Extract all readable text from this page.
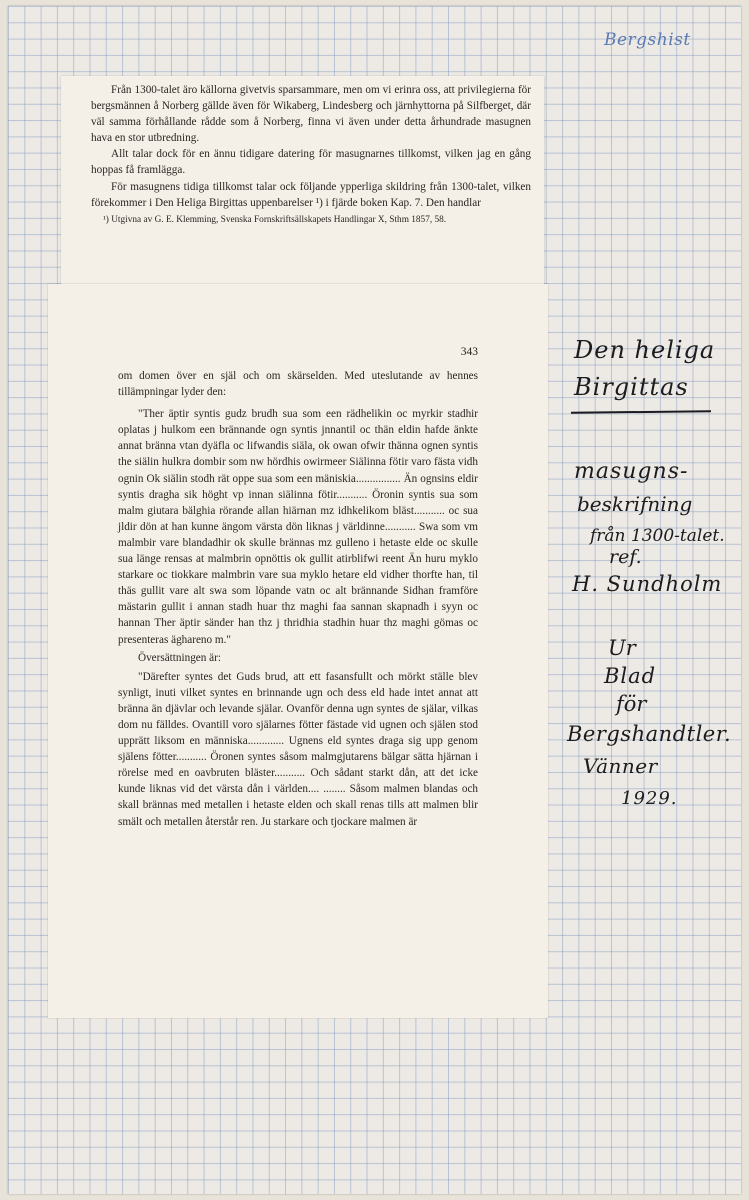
Bergshist

Från 1300-talet äro källorna givetvis sparsammare, men om vi erinra oss, att privilegierna för bergsmännen å Norberg gällde även för Wikaberg, Lindesberg och järnhyttorna på Silfberget, där väl samma förhållande rådde som å Norberg, finna vi även under detta århundrade masugnen hava en stor utbredning.

Allt talar dock för en ännu tidigare datering för masugnarnes tillkomst, vilken jag en gång hoppas få framlägga.

För masugnens tidiga tillkomst talar ock följande ypperliga skildring från 1300-talet, vilken förekommer i Den Heliga Birgittas uppenbarelser ¹) i fjärde boken Kap. 7. Den handlar

¹) Utgivna av G. E. Klemming, Svenska Fornskriftsällskapets Handlingar X, Sthm 1857, 58.

343

om domen över en själ och om skärselden. Med uteslutande av hennes tillämpningar lyder den:

"Ther äptir syntis gudz brudh sua som een rädhelikin oc myrkir stadhir oplatas j hulkom een brännande ogn syntis jnnantil oc thän eldin hafde änkte annat bränna vtan dyäfla oc lifwandis siäla, ok owan ofwir thänna ognen syntis the siälin hulkra dombir som nw hördhis owirmeer Siälinna fötir varo fästa vidh ognin Ok siälin stodh rät oppe sua som een mäniskia................ Än ognsins eldir syntis dragha sik höght vp innan siälinna fötir........... Öronin syntis sua som malm giutara bälghia rörande allan hiärnan mz idhkelikom bläst........... oc sua jldir dön at han kunne ängom värsta dön liknas j världinne........... Swa som vm malmbir vare blandadhir ok skulle brännas mz gulleno i hetaste elde oc skulle sua länge rensas at malmbrin opnöttis ok gullit atirblifwi reent Än huru myklo starkare oc tiokkare malmbrin vare sua myklo hetare eld vidher thorfte han, til thäs gullit vare alt swa som löpande vatn oc alt brännande Sidhan framföre mästarin gullit i annan stadh huar thz maghi faa sannan skapnadh i syyn oc hannan Ther äptir sänder han thz j thridhia stadhin huar thz maghi gömas oc presenteras äghareno m."

Översättningen är:

"Därefter syntes det Guds brud, att ett fasansfullt och mörkt ställe blev synligt, inuti vilket syntes en brinnande ugn och dess eld hade intet annat att bränna än djävlar och levande själar. Ovanför denna ugn syntes de själar, vilkas dom nu fälldes. Ovantill voro själarnes fötter fästade vid ugnen och själen stod upprätt liksom en människa............. Ugnens eld syntes draga sig upp genom själens fötter........... Öronen syntes såsom malmgjutarens bälgar sätta hjärnan i rörelse med en oavbruten bläster........... Och sådant starkt dån, att det icke kunde liknas vid det värsta dån i världen.... ........ Såsom malmen blandas och skall brännas med metallen i hetaste elden och skall renas tills att malmen blir smält och metallen återstår ren. Ju starkare och tjockare malmen är

Den heliga
Birgittas
masugns-
beskrifning
från 1300-talet.
ref.
H. Sundholm
Ur
Blad
för
Bergshandtler.
Vänner
1929.
